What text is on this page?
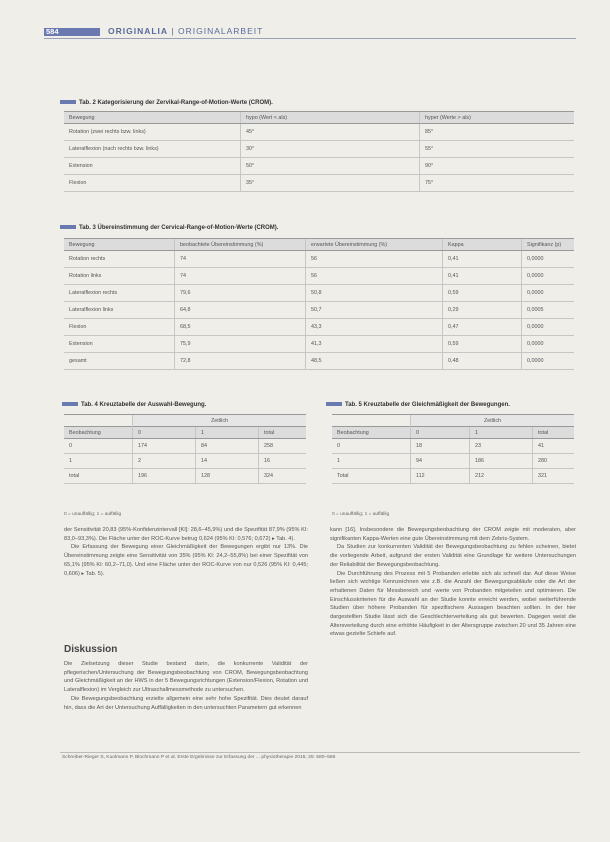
584	ORIGINALIA | ORIGINALARBEIT
Tab. 2 Kategorisierung der Zervikal-Range-of-Motion-Werte (CROM).
Bewegung	hypo (Wert < als)	hyper (Werte > als)
Rotation (zwei rechts bzw. links)	45°	85°
Lateralflexion (nach rechts bzw. links)	30°	55°
Extension	50°	90°
Flexion	35°	75°
Tab. 3 Übereinstimmung der Cervical-Range-of-Motion-Werte (CROM).
Bewegung	beobachtete Übereinstimmung (%)	erwartete Übereinstimmung (%)	Kappa	Signifikanz (p)
Rotation rechts	74	56	0,41	0,0000
Rotation links	74	56	0,41	0,0000
Lateralflexion rechts	79,6	50,8	0,59	0,0000
Lateralflexion links	64,8	50,7	0,29	0,0005
Flexion	68,5	43,3	0,47	0,0000
Extension	75,9	41,3	0,59	0,0000
gesamt	72,8	48,5	0,48	0,0000
Tab. 4 Kreuztabelle der Auswahl-Bewegung.
	Zeitlich		
Beobachtung	0	1	total
0	174	84	258
1	2	14	16
total	196	128	324
0 = unauffällig; 1 = auffällig
Tab. 5 Kreuztabelle der Gleichmäßigkeit der Bewegungen.
	Zeitlich		
Beobachtung	0	1	total
0	18	23	41
1	94	186	280
Total	112	212	321
0 = unauffällig; 1 = auffällig

der Sensitivität 20,83 (95%-Konfidenzintervall [KI]: 28,6–45,9%) und die Spezifität 87,9% (95% KI: 83,0–93,3%). Die Fläche unter der ROC-Kurve betrug 0,624 (95% KI: 0,576; 0,672) ▸ Tab. 4).

Die Erfassung der Bewegung einer Gleichmäßigkeit der Bewegungen ergibt nur 13%. Die Übereinstimmung zeigte eine Sensitivität von 35% (95% KI: 24,2–55,8%) bei einer Spezifität von 65,1% (95% KI: 60,2–71,0). Und eine Fläche unter der ROC-Kurve von nur 0,526 (95% KI: 0,445; 0,606) ▸ Tab. 5).

Diskussion

Die Zielsetzung dieser Studie bestand darin, die konkurrente Validität der pflegerischen/Untersuchung der Bewegungsbeobachtung von CROM, Bewegungsbeobachtung und Gleichmäßigkeit an der HWS in der 5 Bewegungsrichtungen (Extension/Flexion, Rotation und Lateralflexion) im Vergleich zur Ultraschallmessmethode zu untersuchen.

Die Bewegungsbeobachtung erzielte allgemein eine sehr hohe Spezifität. Dies deutet darauf hin, dass die Art der Untersuchung Auffälligkeiten in den untersuchten Parametern gut erkennen

kann [16]. Insbesondere die Bewegungsbeobachtung der CROM zeigte mit moderaten, aber signifikanten Kappa-Werten eine gute Übereinstimmung mit dem Zebris-System.

Da Studien zur konkurrenten Validität der Bewegungsbeobachtung zu fehlen scheinen, bietet die vorliegende Arbeit, aufgrund der ersten Validität eine Grundlage für weitere Untersuchungen der Reliabilität der Bewegungsbeobachtung.

Die Durchführung des Prozess mit 5 Probanden erlebte sich als schnell dar. Auf diese Weise ließen sich wichtige Kennzeichnen wie z.B. die Anzahl der Bewegungsabläufe oder die Art der erhaltenen Daten für Messbereich und -werte von Probanden mitgeteilen und optimieren. Die Einschlusskriterien für die Auswahl an der Studie konnte erreicht werden, wobei weiterführende Studien über höhere Probanden für spezifischere Aussagen beachten sollten. In der hier dargestellten Studie lässt sich die Geschlechterverteilung als gut bewerten. Dagegen weist die Altersverteilung durch eine erhöhte Häufigkeit in der Altersgruppe zwischen 20 und 35 Jahren eine etwas gezielte Schiefe auf.

Schreiber-Rieger S, Kuolmann P, Blochmann P et al. Erste Ergebnisse zur Erfassung der ... physiotherapie 2015; 25: 580–586
